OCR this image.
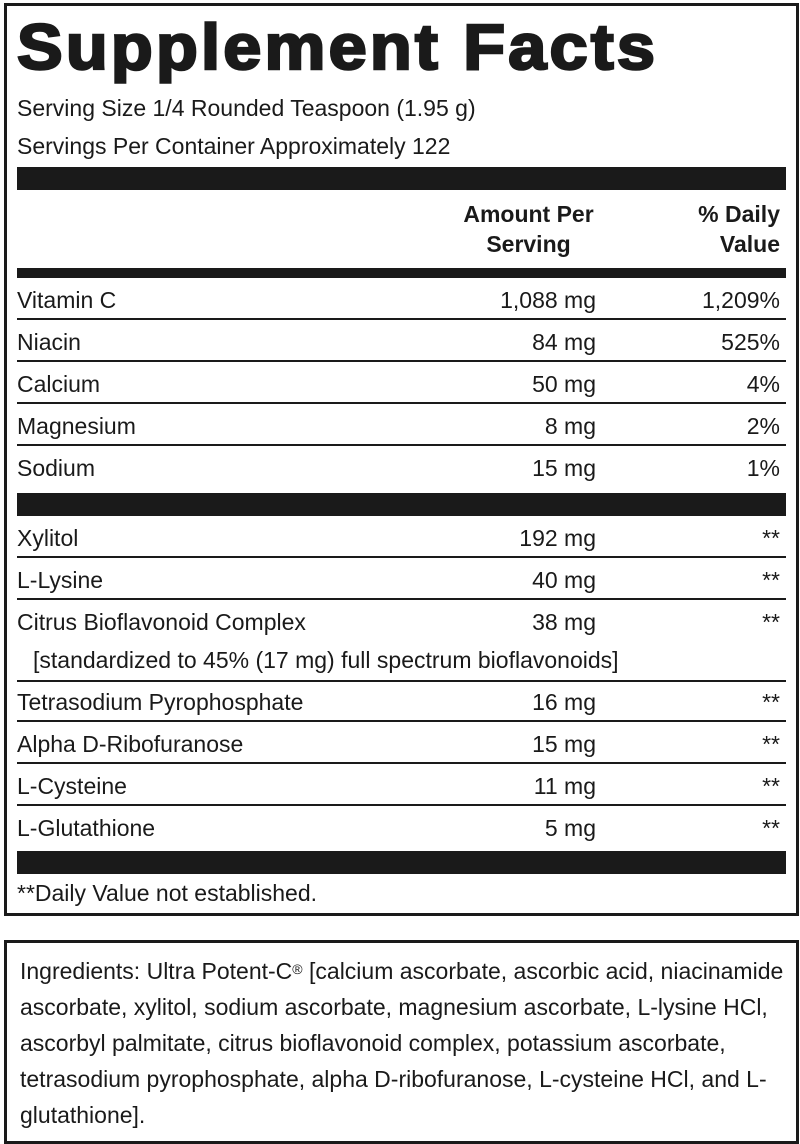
Supplement Facts
Serving Size 1/4 Rounded Teaspoon (1.95 g)
Servings Per Container Approximately 122
Amount Per
Serving
% Daily
Value
Vitamin C	1,088 mg	1,209%
Niacin	84 mg	525%
Calcium	50 mg	4%
Magnesium	8 mg	2%
Sodium	15 mg	1%
Xylitol	192 mg	**
L-Lysine	40 mg	**
Citrus Bioflavonoid Complex	38 mg	**
[standardized to 45% (17 mg) full spectrum bioflavonoids]
Tetrasodium Pyrophosphate	16 mg	**
Alpha D-Ribofuranose	15 mg	**
L-Cysteine	11 mg	**
L-Glutathione	5 mg	**
**Daily Value not established.
Ingredients: Ultra Potent-C® [calcium ascorbate, ascorbic acid, niacinamide ascorbate, xylitol, sodium ascorbate, magnesium ascorbate, L-lysine HCl, ascorbyl palmitate, citrus bioflavonoid complex, potassium ascorbate, tetrasodium pyrophosphate, alpha D-ribofuranose, L-cysteine HCl, and L-glutathione].
